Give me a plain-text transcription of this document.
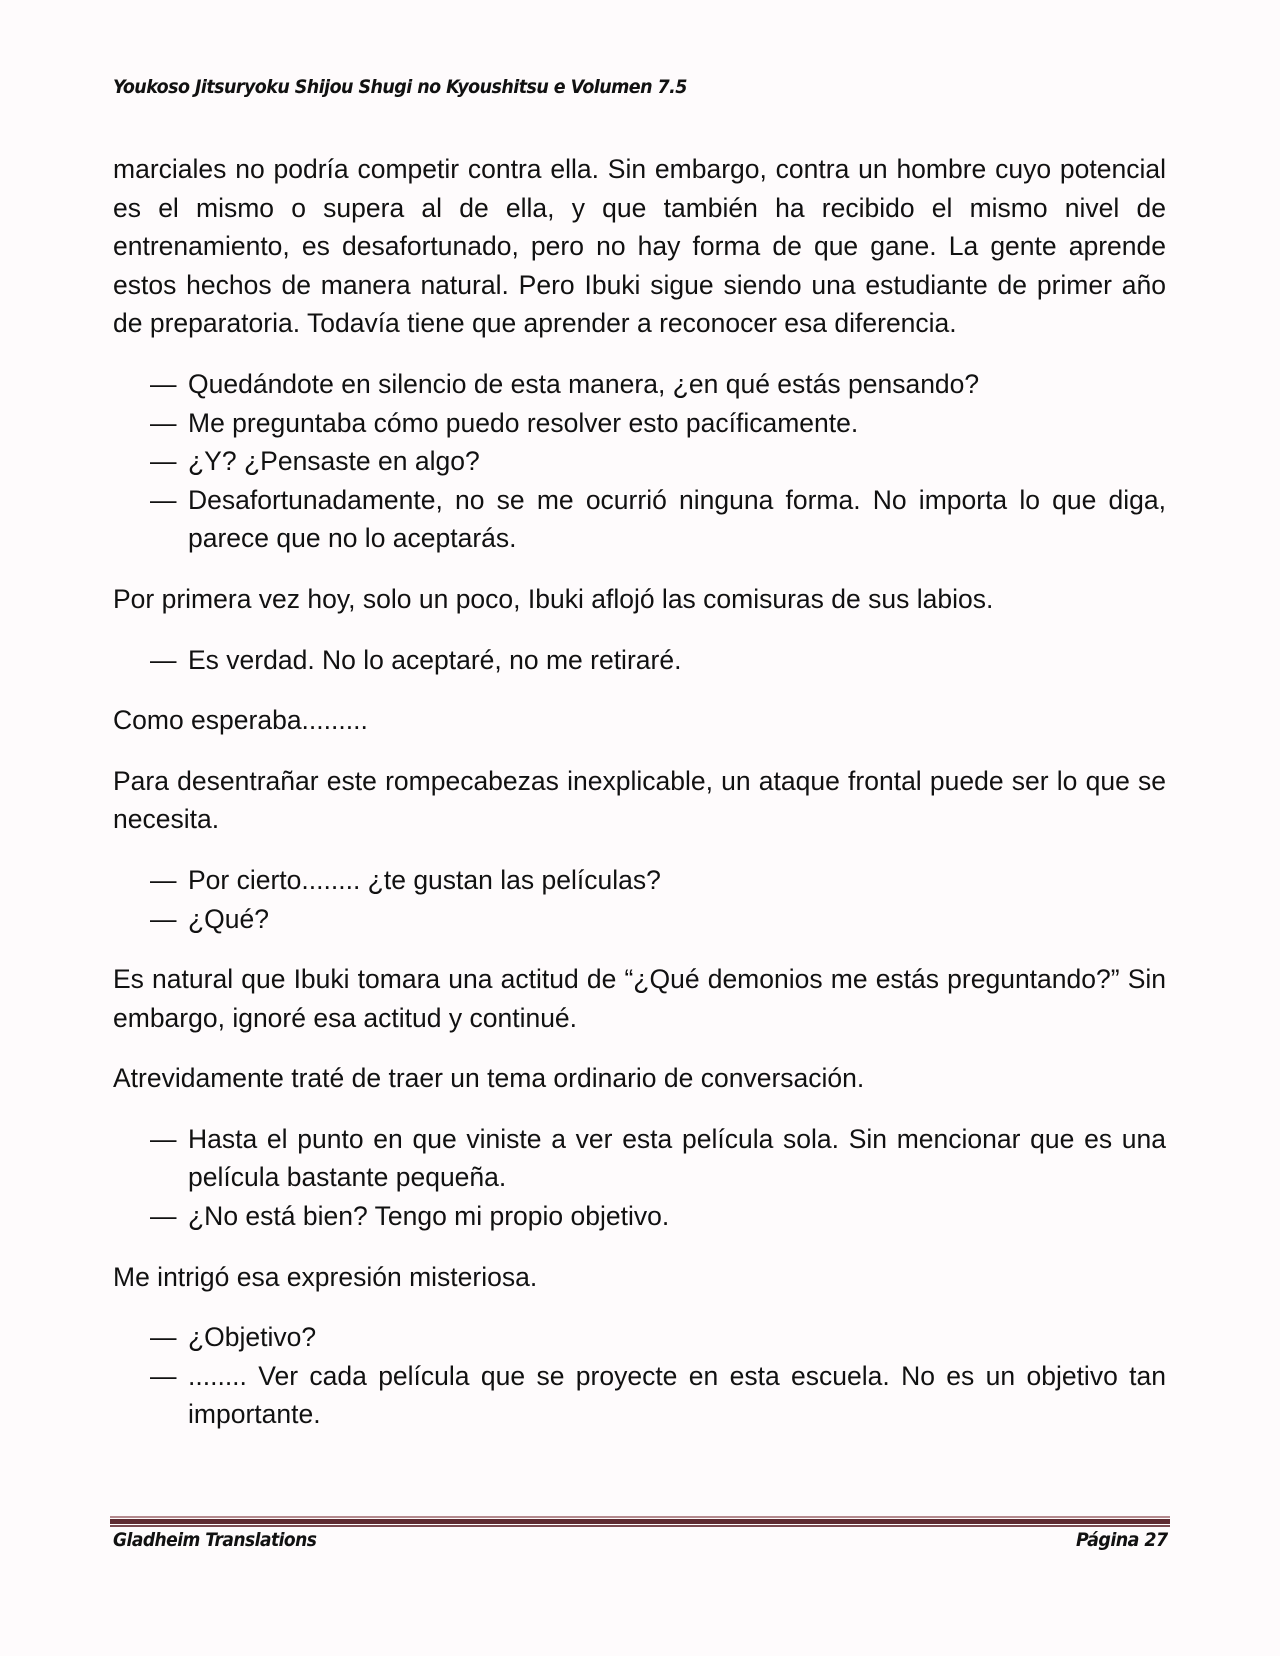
Youkoso Jitsuryoku Shijou Shugi no Kyoushitsu e Volumen 7.5

marciales no podría competir contra ella. Sin embargo, contra un hombre cuyo potencial es el mismo o supera al de ella, y que también ha recibido el mismo nivel de entrenamiento, es desafortunado, pero no hay forma de que gane. La gente aprende estos hechos de manera natural. Pero Ibuki sigue siendo una estudiante de primer año de preparatoria. Todavía tiene que aprender a reconocer esa diferencia.

— Quedándote en silencio de esta manera, ¿en qué estás pensando?
— Me preguntaba cómo puedo resolver esto pacíficamente.
— ¿Y? ¿Pensaste en algo?
— Desafortunadamente, no se me ocurrió ninguna forma. No importa lo que diga, parece que no lo aceptarás.

Por primera vez hoy, solo un poco, Ibuki aflojó las comisuras de sus labios.

— Es verdad. No lo aceptaré, no me retiraré.

Como esperaba.........

Para desentrañar este rompecabezas inexplicable, un ataque frontal puede ser lo que se necesita.

— Por cierto........ ¿te gustan las películas?
— ¿Qué?

Es natural que Ibuki tomara una actitud de “¿Qué demonios me estás preguntando?” Sin embargo, ignoré esa actitud y continué.

Atrevidamente traté de traer un tema ordinario de conversación.

— Hasta el punto en que viniste a ver esta película sola. Sin mencionar que es una película bastante pequeña.
— ¿No está bien? Tengo mi propio objetivo.

Me intrigó esa expresión misteriosa.

— ¿Objetivo?
— ........ Ver cada película que se proyecte en esta escuela. No es un objetivo tan importante.
Gladheim Translations	Página 27
